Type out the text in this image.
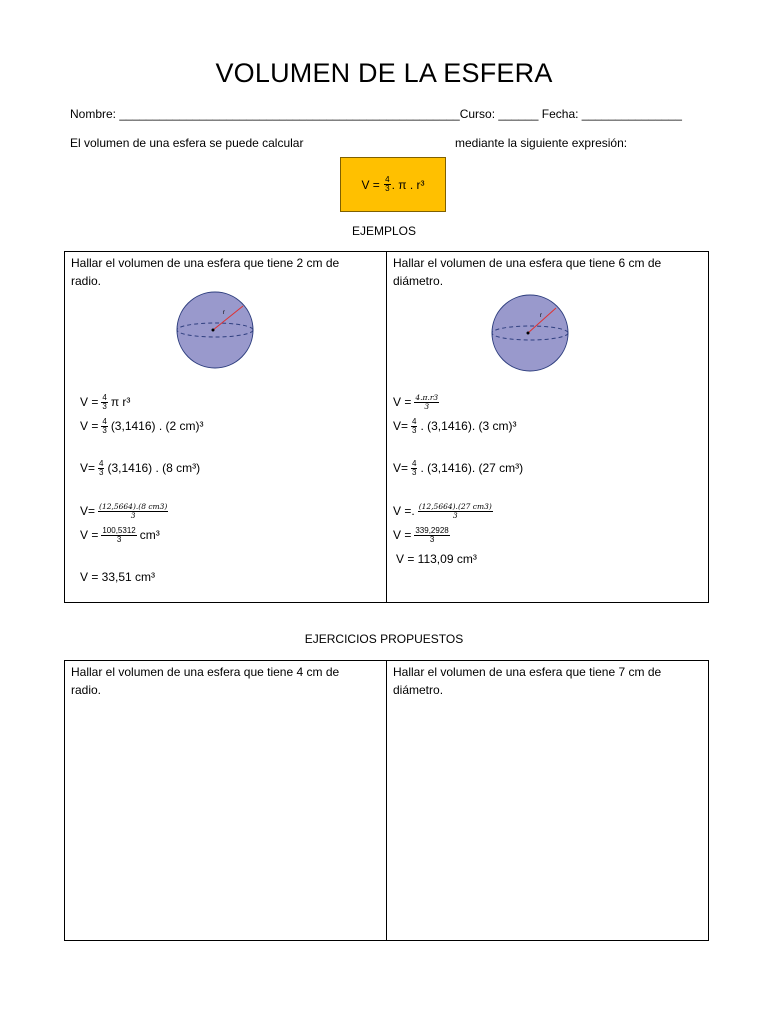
VOLUMEN DE LA ESFERA
Nombre: ___________________________________________________Curso: ______ Fecha: _______________
El volumen de una esfera se puede calcular	mediante la siguiente expresión:
V =
$\frac{4}{3}$ . π . r³
EJEMPLOS
Hallar el volumen de una esfera que tiene 2 cm de radio.
r
$V = \frac{4}{3}$ π r³
$V = \frac{4}{3} (3,1416)$ . (2 cm)³
$V= \frac{4}{3} (3,1416)$ . (8 cm³)
$V= \frac{(12,5664).(8 cm3)}{3}$
$V = \frac{100,5312}{3} cm^3$
V = 33,51 cm³

Hallar el volumen de una esfera que tiene 6 cm de diámetro.
r
$V = \frac{4.\pi.r3}{3}$
$V= \frac{4}{3}$ . (3,1416). (3 cm)³
$V= \frac{4}{3}$ . (3,1416). (27 cm³)
V =. $\frac{(12,5664).(27 cm3)}{3}$
$V = \frac{339,2928}{3}$
V = 113,09 cm³
EJERCICIOS PROPUESTOS
Hallar el volumen de una esfera que tiene 4 cm de radio.

Hallar el volumen de una esfera que tiene 7 cm de diámetro.
